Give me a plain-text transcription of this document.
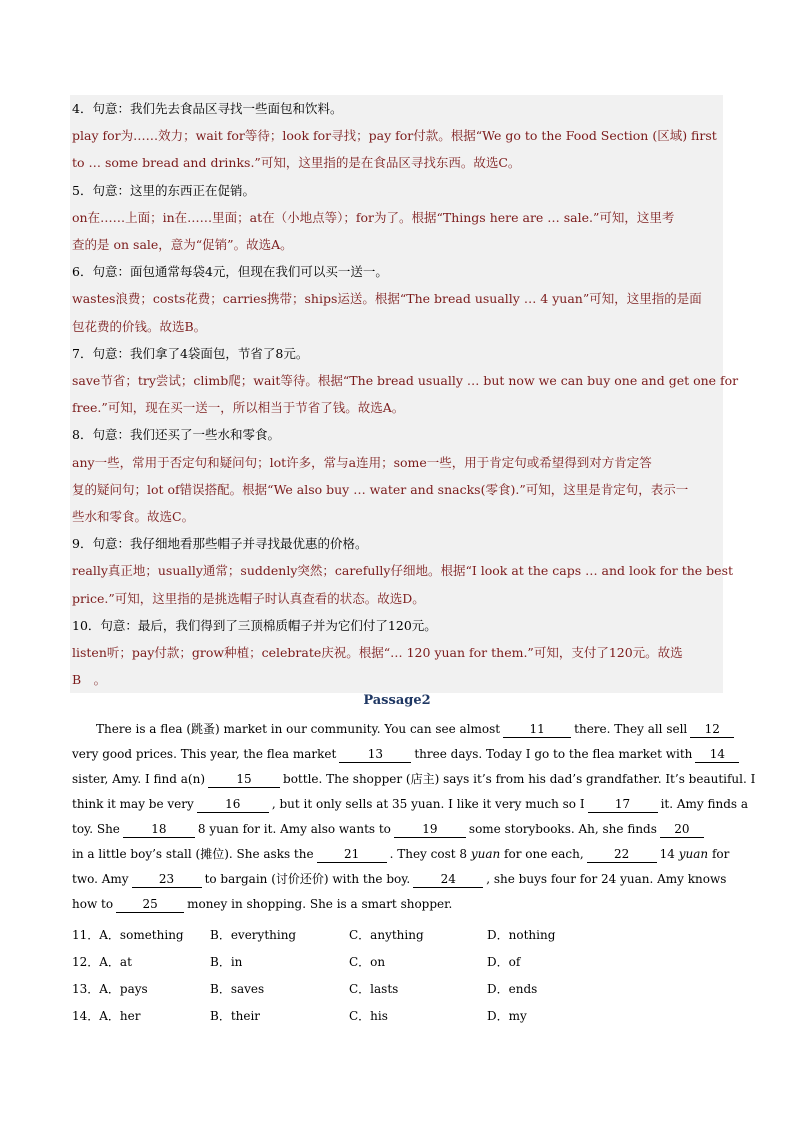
4．句意：我们先去食品区寻找一些面包和饮料。
play for为……效力；wait for等待；look for寻找；pay for付款。根据“We go to the Food Section (区域) first
to … some bread and drinks.”可知，这里指的是在食品区寻找东西。故选C。
5．句意：这里的东西正在促销。
on在……上面；in在……里面；at在（小地点等）；for为了。根据“Things here are … sale.”可知，这里考
查的是 on sale，意为“促销”。故选A。
6．句意：面包通常每袋4元，但现在我们可以买一送一。
wastes浪费；costs花费；carries携带；ships运送。根据“The bread usually … 4 yuan”可知，这里指的是面
包花费的价钱。故选B。
7．句意：我们拿了4袋面包，节省了8元。
save节省；try尝试；climb爬；wait等待。根据“The bread usually … but now we can buy one and get one for
free.”可知，现在买一送一，所以相当于节省了钱。故选A。
8．句意：我们还买了一些水和零食。
any一些，常用于否定句和疑问句；lot许多，常与a连用；some一些，用于肯定句或希望得到对方肯定答
复的疑问句；lot of错误搭配。根据“We also buy … water and snacks(零食).”可知，这里是肯定句，表示一
些水和零食。故选C。
9．句意：我仔细地看那些帽子并寻找最优惠的价格。
really真正地；usually通常；suddenly突然；carefully仔细地。根据“I look at the caps … and look for the best
price.”可知，这里指的是挑选帽子时认真查看的状态。故选D。
10．句意：最后，我们得到了三顶棉质帽子并为它们付了120元。
listen听；pay付款；grow种植；celebrate庆祝。根据“… 120 yuan for them.”可知，支付了120元。故选
B　。
Passage2
　　There is a flea (跳蚤) market in our community. You can see almost 11 there. They all sell 12
very good prices. This year, the flea market	13	three days. Today I go to the flea market with 14
sister, Amy. I find a(n)	15	bottle. The shopper (店主) says it’s from his dad’s grandfather. It’s beautiful. I
think it may be very	16	, but it only sells at 35 yuan. I like it very much so I	17	it. Amy finds a
toy. She	18	8 yuan for it. Amy also wants to	19	some storybooks. Ah, she finds 20
in a little boy’s stall (摊位). She asks the	21	. They cost 8 yuan for one each,	22	14 yuan for
two. Amy	23	to bargain (讨价还价) with the boy.	24	, she buys four for 24 yuan. Amy knows
how to 25 money in shopping. She is a smart shopper.
11．A．something B．everything	C．anything	D．nothing
12．A．at	B．in	C．on	D．of
13．A．pays	B．saves	C．lasts	D．ends
14．A．her	B．their	C．his	D．my
